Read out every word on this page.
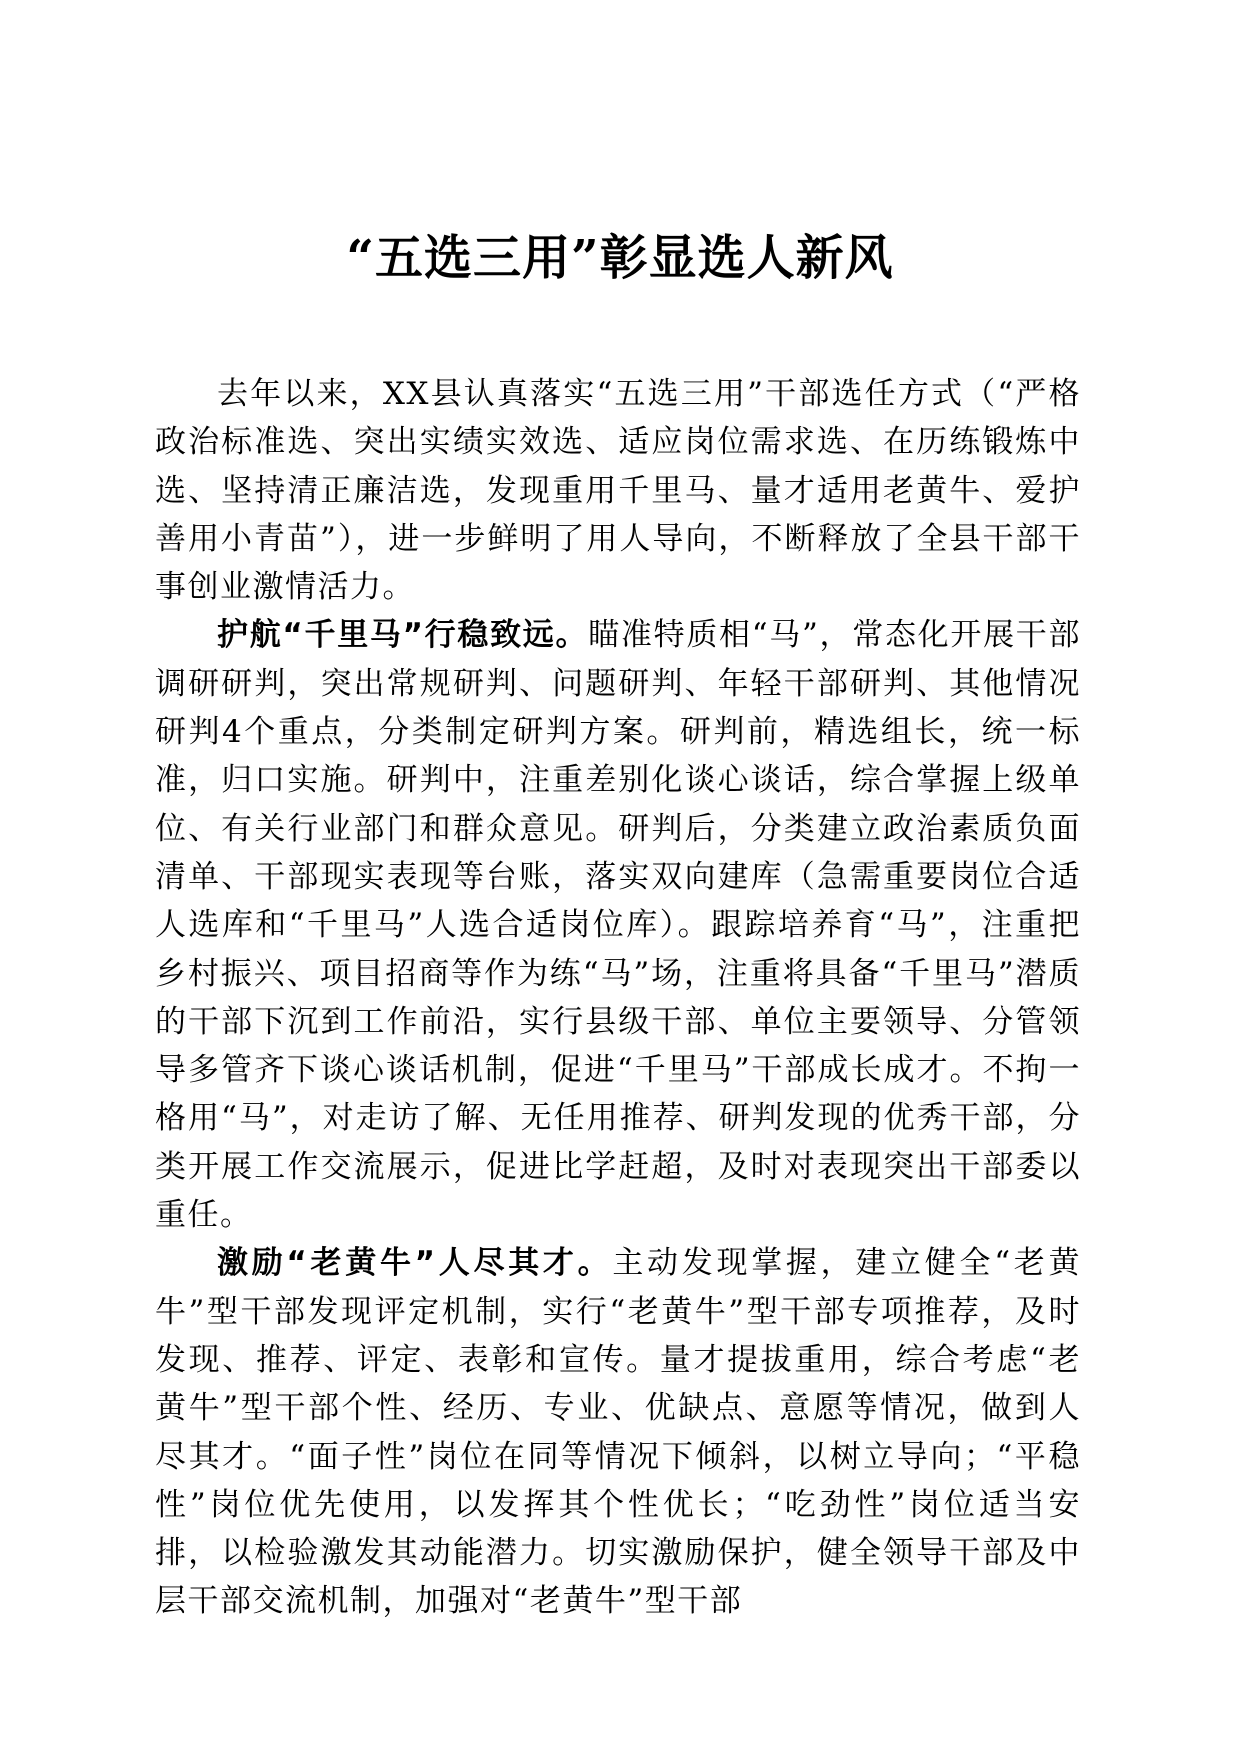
“五选三用”彰显选人新风

去年以来，XX县认真落实“五选三用”干部选任方式（“严格政治标准选、突出实绩实效选、适应岗位需求选、在历练锻炼中选、坚持清正廉洁选，发现重用千里马、量才适用老黄牛、爱护善用小青苗”），进一步鲜明了用人导向，不断释放了全县干部干事创业激情活力。

护航“千里马”行稳致远。瞄准特质相“马”，常态化开展干部调研研判，突出常规研判、问题研判、年轻干部研判、其他情况研判4个重点，分类制定研判方案。研判前，精选组长，统一标准，归口实施。研判中，注重差别化谈心谈话，综合掌握上级单位、有关行业部门和群众意见。研判后，分类建立政治素质负面清单、干部现实表现等台账，落实双向建库（急需重要岗位合适人选库和“千里马”人选合适岗位库）。跟踪培养育“马”，注重把乡村振兴、项目招商等作为练“马”场，注重将具备“千里马”潜质的干部下沉到工作前沿，实行县级干部、单位主要领导、分管领导多管齐下谈心谈话机制，促进“千里马”干部成长成才。不拘一格用“马”，对走访了解、无任用推荐、研判发现的优秀干部，分类开展工作交流展示，促进比学赶超，及时对表现突出干部委以重任。

激励“老黄牛”人尽其才。主动发现掌握，建立健全“老黄牛”型干部发现评定机制，实行“老黄牛”型干部专项推荐，及时发现、推荐、评定、表彰和宣传。量才提拔重用，综合考虑“老黄牛”型干部个性、经历、专业、优缺点、意愿等情况，做到人尽其才。“面子性”岗位在同等情况下倾斜，以树立导向；“平稳性”岗位优先使用，以发挥其个性优长；“吃劲性”岗位适当安排，以检验激发其动能潜力。切实激励保护，健全领导干部及中层干部交流机制，加强对“老黄牛”型干部
